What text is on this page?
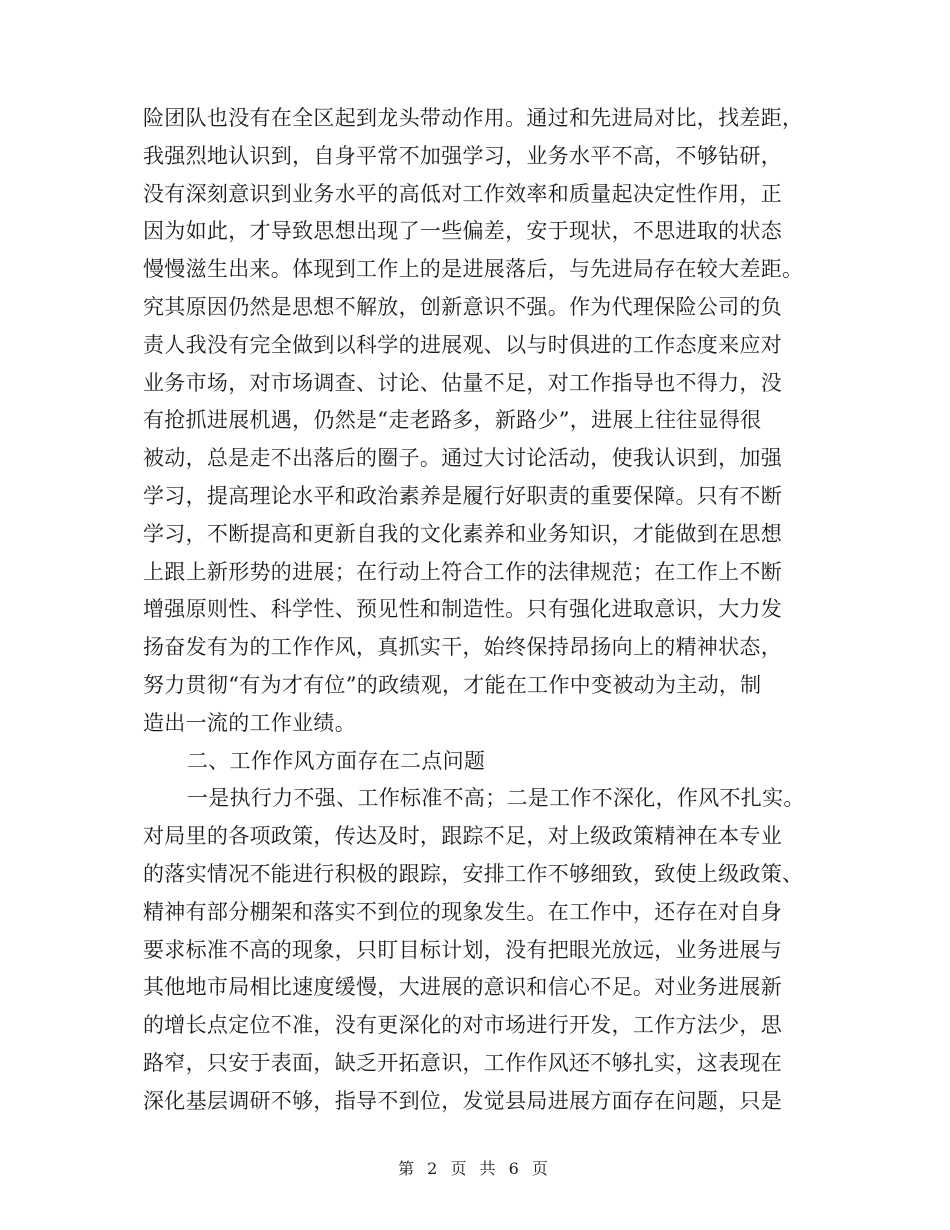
险团队也没有在全区起到龙头带动作用。通过和先进局对比，找差距，
我强烈地认识到，自身平常不加强学习，业务水平不高，不够钻研，
没有深刻意识到业务水平的高低对工作效率和质量起决定性作用，正
因为如此，才导致思想出现了一些偏差，安于现状，不思进取的状态
慢慢滋生出来。体现到工作上的是进展落后，与先进局存在较大差距。
究其原因仍然是思想不解放，创新意识不强。作为代理保险公司的负
责人我没有完全做到以科学的进展观、以与时俱进的工作态度来应对
业务市场，对市场调查、讨论、估量不足，对工作指导也不得力，没
有抢抓进展机遇，仍然是“走老路多，新路少”，进展上往往显得很
被动，总是走不出落后的圈子。通过大讨论活动，使我认识到，加强
学习，提高理论水平和政治素养是履行好职责的重要保障。只有不断
学习，不断提高和更新自我的文化素养和业务知识，才能做到在思想
上跟上新形势的进展；在行动上符合工作的法律规范；在工作上不断
增强原则性、科学性、预见性和制造性。只有强化进取意识，大力发
扬奋发有为的工作作风，真抓实干，始终保持昂扬向上的精神状态，
努力贯彻“有为才有位”的政绩观，才能在工作中变被动为主动，制
造出一流的工作业绩。
二、工作作风方面存在二点问题
一是执行力不强、工作标准不高；二是工作不深化，作风不扎实。
对局里的各项政策，传达及时，跟踪不足，对上级政策精神在本专业
的落实情况不能进行积极的跟踪，安排工作不够细致，致使上级政策、
精神有部分棚架和落实不到位的现象发生。在工作中，还存在对自身
要求标准不高的现象，只盯目标计划，没有把眼光放远，业务进展与
其他地市局相比速度缓慢，大进展的意识和信心不足。对业务进展新
的增长点定位不准，没有更深化的对市场进行开发，工作方法少，思
路窄，只安于表面，缺乏开拓意识，工作作风还不够扎实，这表现在
深化基层调研不够，指导不到位，发觉县局进展方面存在问题，只是
第 2 页 共 6 页
